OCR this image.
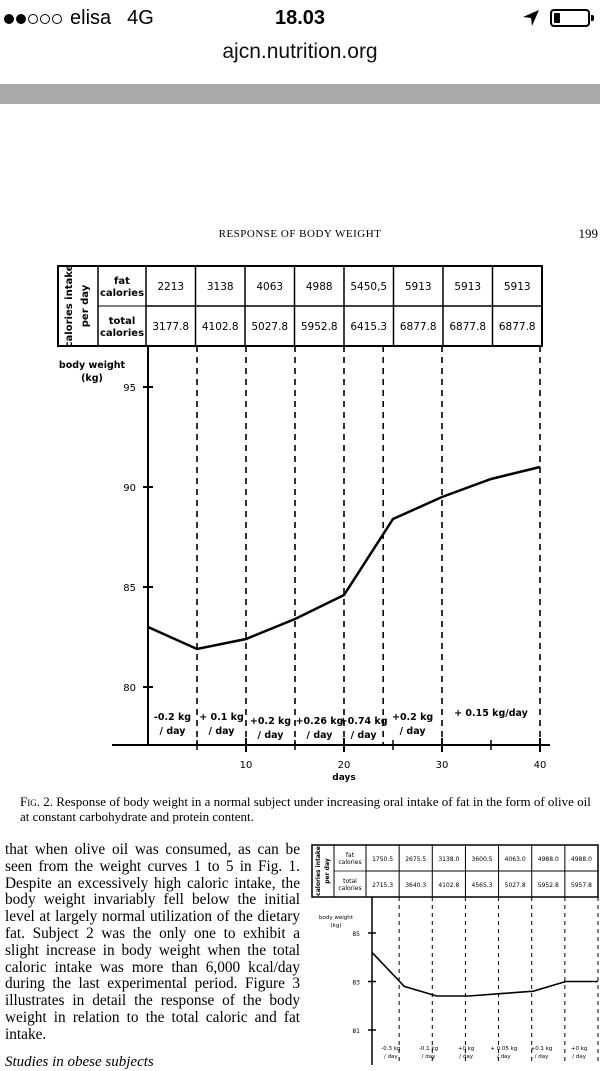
elisa 4G	18.03
ajcn.nutrition.org
RESPONSE OF BODY WEIGHT	199
calories intake per day
fat
calories
total
calories
2213 3138 4063 4988 5450,5 5913 5913 5913
3177.8 4102.8 5027.8 5952.8 6415.3 6877.8 6877.8 6877.8
body weight
(kg)
80
85
90
95
10	20	30	40
days
-0.2 kg
/ day
+ 0.1 kg
/ day
+0.2 kg
/ day
+0.26 kg
/ day
+0.74 kg
/ day
+0.2 kg
/ day
+ 0.15 kg/day
Fig. 2. Response of body weight in a normal subject under increasing oral intake of fat in the form of olive oil at constant carbohydrate and protein content.
that when olive oil was consumed, as can be seen from the weight curves 1 to 5 in Fig. 1. Despite an excessively high caloric intake, the body weight invariably fell below the initial level at largely normal utilization of the dietary fat. Subject 2 was the only one to exhibit a slight increase in body weight when the total caloric intake was more than 6,000 kcal/day during the last experimental period. Figure 3 illustrates in detail the response of the body weight in relation to the total caloric and fat intake.
Studies in obese subjects
calories intake per day
fat
calories
total
calories
1750.5 2675.5 3138.0 3600.5 4063.0 4988.0 4988.0
2715.3 3640.3 4102.8 4565.3 5027.8 5952.8 5957.8
body weight
(kg)
81
83
85
-0.3 kg
/ day
-0.1 kg
/ day
+0 kg
/ day
+ 0.05 kg
/ day
+0.1 kg
/ day
+0 kg
/ day
